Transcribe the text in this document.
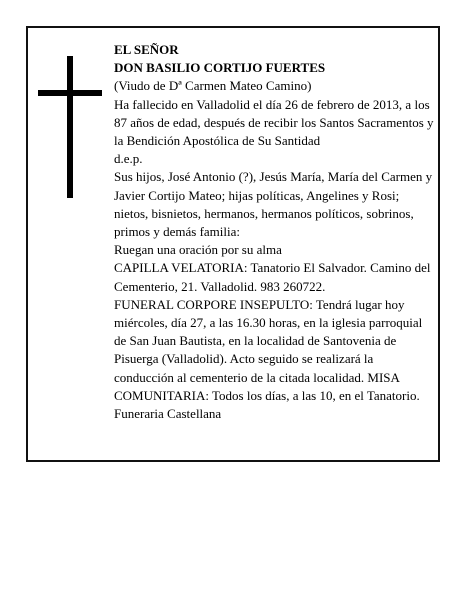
EL SEÑOR
DON BASILIO CORTIJO FUERTES
(Viudo de Dª Carmen Mateo Camino)
Ha fallecido en Valladolid el día 26 de febrero de 2013, a los 87 años de edad, después de recibir los Santos Sacramentos y la Bendición Apostólica de Su Santidad
d.e.p.
Sus hijos, José Antonio (?), Jesús María, María del Carmen y Javier Cortijo Mateo; hijas políticas, Angelines y Rosi; nietos, bisnietos, hermanos, hermanos políticos, sobrinos, primos y demás familia:
Ruegan una oración por su alma
CAPILLA VELATORIA: Tanatorio El Salvador. Camino del Cementerio, 21. Valladolid. 983 260722.
FUNERAL CORPORE INSEPULTO: Tendrá lugar hoy miércoles, día 27, a las 16.30 horas, en la iglesia parroquial de San Juan Bautista, en la localidad de Santovenia de Pisuerga (Valladolid). Acto seguido se realizará la conducción al cementerio de la citada localidad. MISA COMUNITARIA: Todos los días, a las 10, en el Tanatorio.
Funeraria Castellana
